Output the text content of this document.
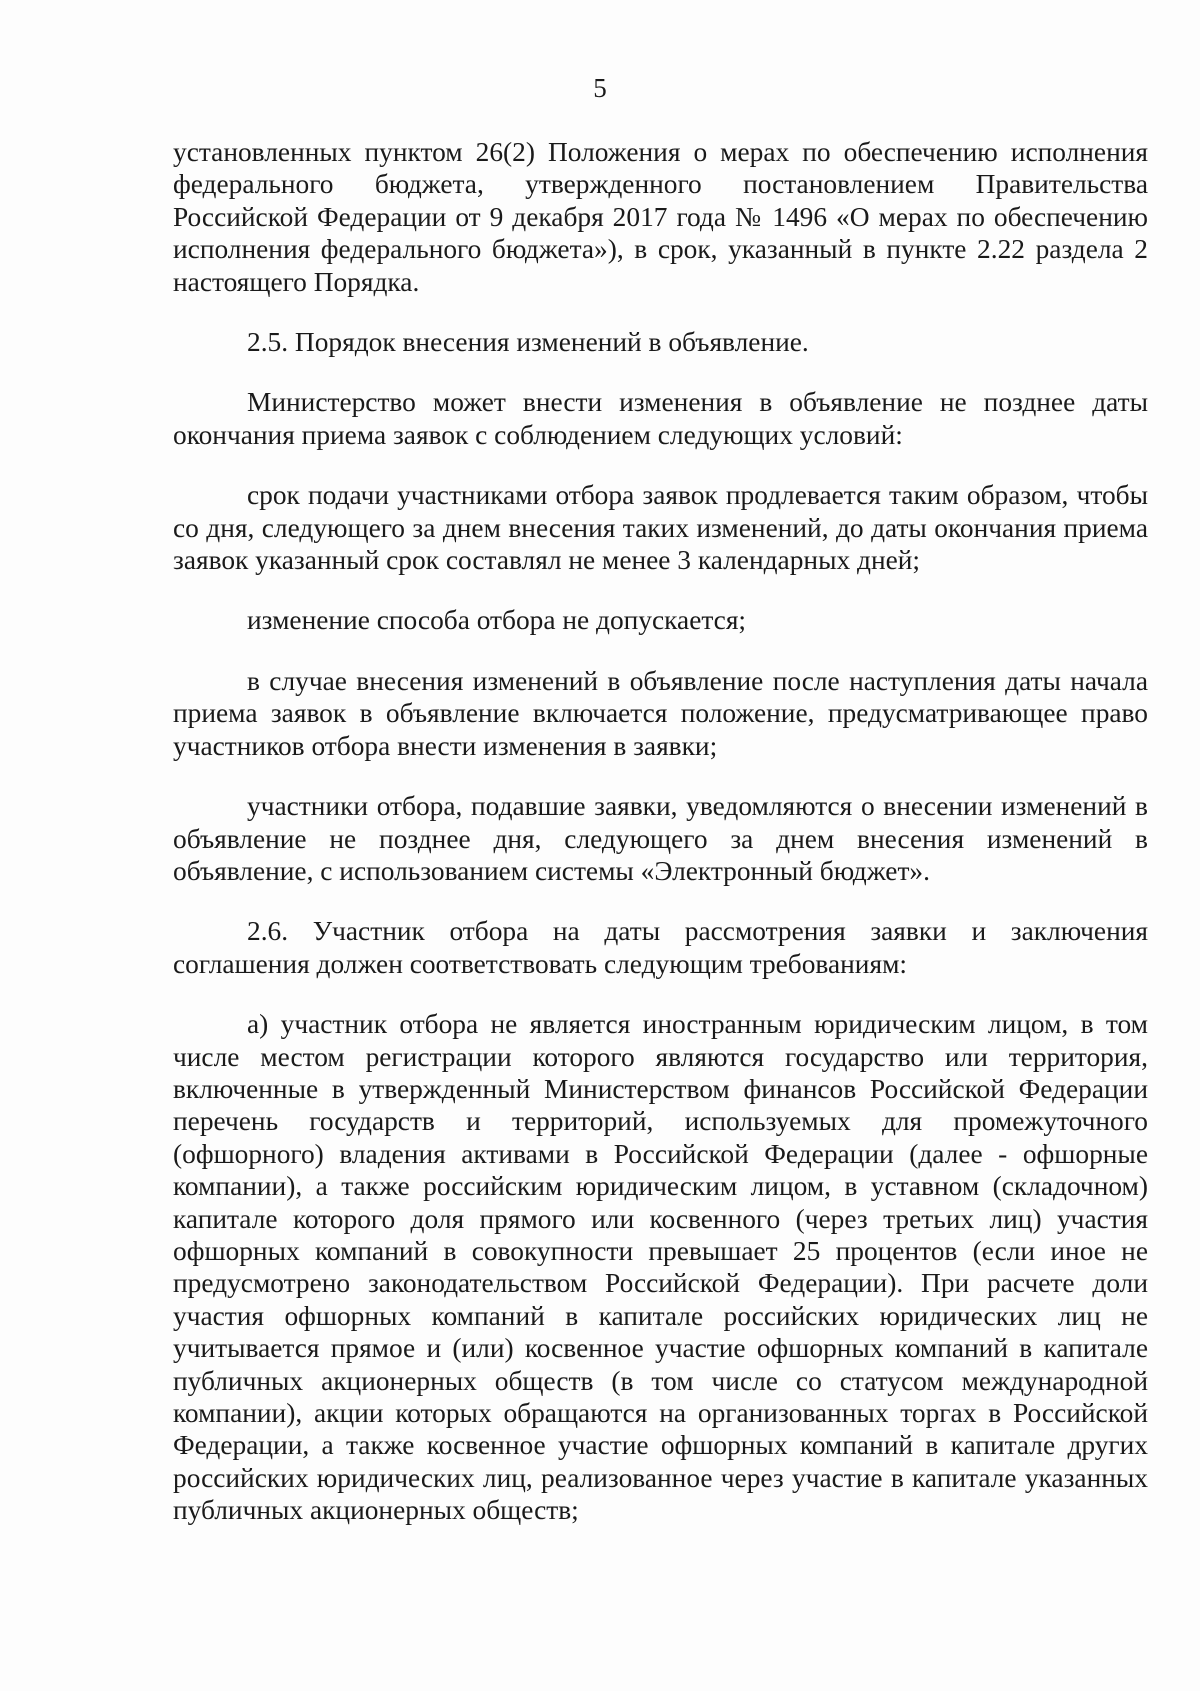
5

установленных пунктом 26(2) Положения о мерах по обеспечению исполнения федерального бюджета, утвержденного постановлением Правительства Российской Федерации от 9 декабря 2017 года № 1496 «О мерах по обеспечению исполнения федерального бюджета»), в срок, указанный в пункте 2.22 раздела 2 настоящего Порядка.

2.5. Порядок внесения изменений в объявление.

Министерство может внести изменения в объявление не позднее даты окончания приема заявок с соблюдением следующих условий:

срок подачи участниками отбора заявок продлевается таким образом, чтобы со дня, следующего за днем внесения таких изменений, до даты окончания приема заявок указанный срок составлял не менее 3 календарных дней;

изменение способа отбора не допускается;

в случае внесения изменений в объявление после наступления даты начала приема заявок в объявление включается положение, предусматривающее право участников отбора внести изменения в заявки;

участники отбора, подавшие заявки, уведомляются о внесении изменений в объявление не позднее дня, следующего за днем внесения изменений в объявление, с использованием системы «Электронный бюджет».

2.6. Участник отбора на даты рассмотрения заявки и заключения соглашения должен соответствовать следующим требованиям:

а) участник отбора не является иностранным юридическим лицом, в том числе местом регистрации которого являются государство или территория, включенные в утвержденный Министерством финансов Российской Федерации перечень государств и территорий, используемых для промежуточного (офшорного) владения активами в Российской Федерации (далее - офшорные компании), а также российским юридическим лицом, в уставном (складочном) капитале которого доля прямого или косвенного (через третьих лиц) участия офшорных компаний в совокупности превышает 25 процентов (если иное не предусмотрено законодательством Российской Федерации). При расчете доли участия офшорных компаний в капитале российских юридических лиц не учитывается прямое и (или) косвенное участие офшорных компаний в капитале публичных акционерных обществ (в том числе со статусом международной компании), акции которых обращаются на организованных торгах в Российской Федерации, а также косвенное участие офшорных компаний в капитале других российских юридических лиц, реализованное через участие в капитале указанных публичных акционерных обществ;
